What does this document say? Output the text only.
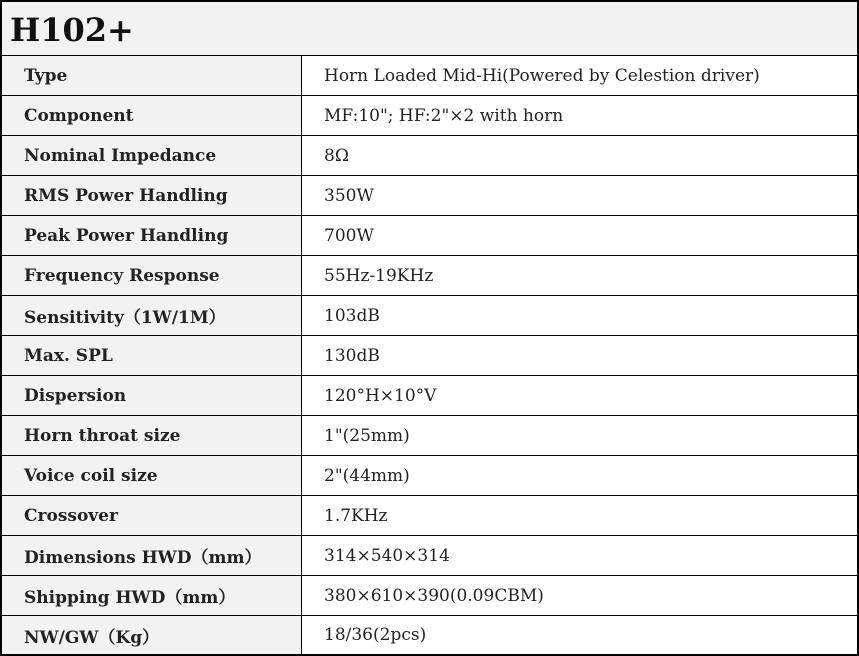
H102+
Type	Horn Loaded Mid-Hi(Powered by Celestion driver)
Component	MF:10"; HF:2"×2 with horn
Nominal Impedance	8Ω
RMS Power Handling	350W
Peak Power Handling	700W
Frequency Response	55Hz-19KHz
Sensitivity（1W/1M）	103dB
Max. SPL	130dB
Dispersion	120°H×10°V
Horn throat size	1"(25mm)
Voice coil size	2"(44mm)
Crossover	1.7KHz
Dimensions HWD（mm）	314×540×314
Shipping HWD（mm）	380×610×390(0.09CBM)
NW/GW（Kg）	18/36(2pcs)
